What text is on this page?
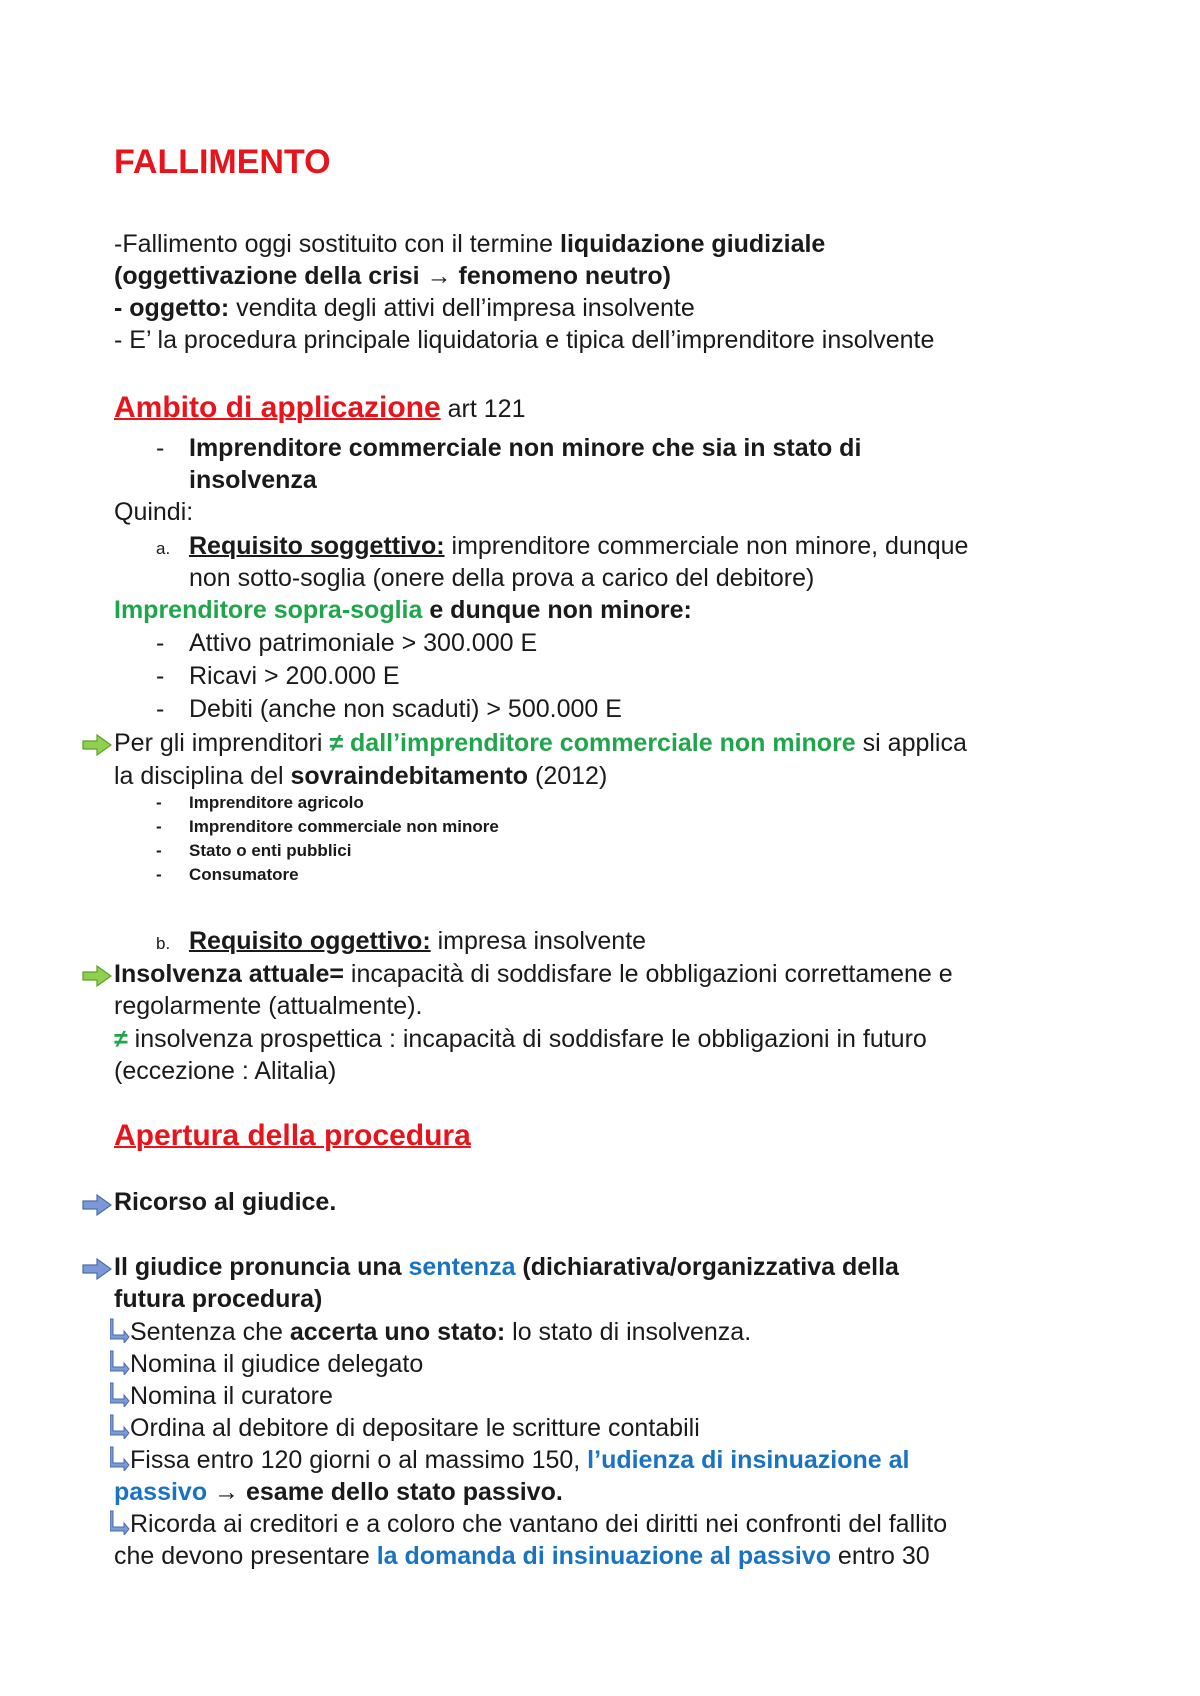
FALLIMENTO
-Fallimento oggi sostituito con il termine liquidazione giudiziale
(oggettivazione della crisi → fenomeno neutro)
- oggetto: vendita degli attivi dell’impresa insolvente
- E’ la procedura principale liquidatoria e tipica dell’imprenditore insolvente
Ambito di applicazione art 121
- Imprenditore commerciale non minore che sia in stato di
insolvenza
Quindi:
a. Requisito soggettivo: imprenditore commerciale non minore, dunque
non sotto-soglia (onere della prova a carico del debitore)
Imprenditore sopra-soglia e dunque non minore:
- Attivo patrimoniale > 300.000 E
- Ricavi > 200.000 E
- Debiti (anche non scaduti) > 500.000 E
Per gli imprenditori ≠ dall’imprenditore commerciale non minore si applica
la disciplina del sovraindebitamento (2012)
- Imprenditore agricolo
- Imprenditore commerciale non minore
- Stato o enti pubblici
- Consumatore
b. Requisito oggettivo: impresa insolvente
Insolvenza attuale= incapacità di soddisfare le obbligazioni correttamene e
regolarmente (attualmente).
≠ insolvenza prospettica : incapacità di soddisfare le obbligazioni in futuro
(eccezione : Alitalia)
Apertura della procedura
Ricorso al giudice.
Il giudice pronuncia una sentenza (dichiarativa/organizzativa della
futura procedura)
Sentenza che accerta uno stato: lo stato di insolvenza.
Nomina il giudice delegato
Nomina il curatore
Ordina al debitore di depositare le scritture contabili
Fissa entro 120 giorni o al massimo 150, l’udienza di insinuazione al
passivo → esame dello stato passivo.
Ricorda ai creditori e a coloro che vantano dei diritti nei confronti del fallito
che devono presentare la domanda di insinuazione al passivo entro 30
